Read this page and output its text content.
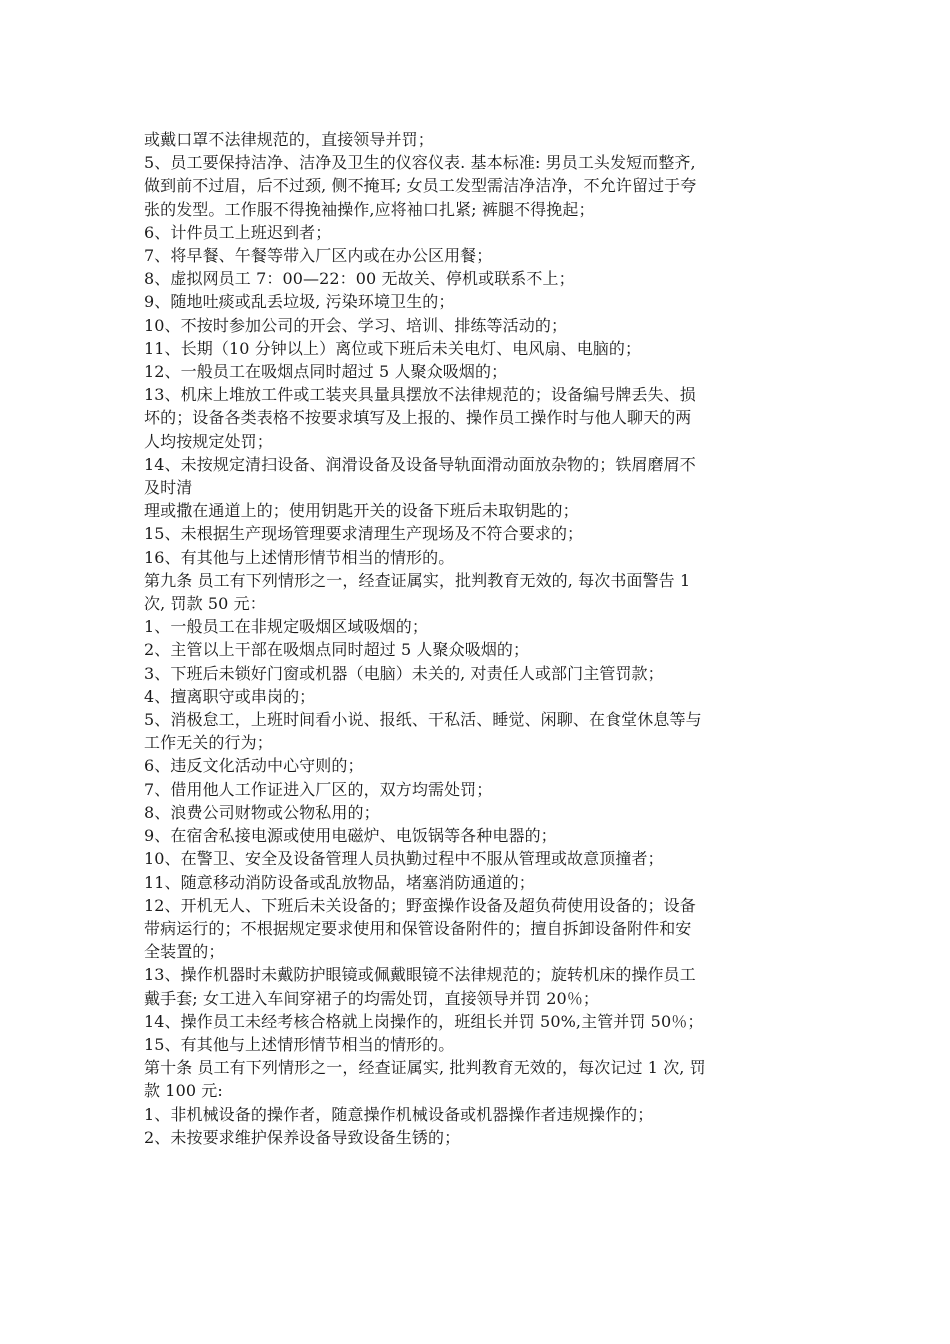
或戴口罩不法律规范的，直接领导并罚；
5、员工要保持洁净、洁净及卫生的仪容仪表. 基本标准: 男员工头发短而整齐,
做到前不过眉，后不过颈, 侧不掩耳; 女员工发型需洁净洁净，不允许留过于夸
张的发型。工作服不得挽袖操作,应将袖口扎紧; 裤腿不得挽起；
6、计件员工上班迟到者；
7、将早餐、午餐等带入厂区内或在办公区用餐；
8、虚拟网员工 7：00—22：00 无故关、停机或联系不上；
9、随地吐痰或乱丢垃圾, 污染环境卫生的；
10、不按时参加公司的开会、学习、培训、排练等活动的；
11、长期（10 分钟以上）离位或下班后未关电灯、电风扇、电脑的；
12、一般员工在吸烟点同时超过 5 人聚众吸烟的；
13、机床上堆放工件或工装夹具量具摆放不法律规范的；设备编号牌丢失、损
坏的；设备各类表格不按要求填写及上报的、操作员工操作时与他人聊天的两
人均按规定处罚；
14、未按规定清扫设备、润滑设备及设备导轨面滑动面放杂物的；铁屑磨屑不
及时清
理或撒在通道上的；使用钥匙开关的设备下班后未取钥匙的；
15、未根据生产现场管理要求清理生产现场及不符合要求的；
16、有其他与上述情形情节相当的情形的。
第九条 员工有下列情形之一，经查证属实，批判教育无效的, 每次书面警告 1
次, 罚款 50 元：
1、一般员工在非规定吸烟区域吸烟的；
2、主管以上干部在吸烟点同时超过 5 人聚众吸烟的；
3、下班后未锁好门窗或机器（电脑）未关的, 对责任人或部门主管罚款；
4、擅离职守或串岗的；
5、消极怠工，上班时间看小说、报纸、干私活、睡觉、闲聊、在食堂休息等与
工作无关的行为；
6、违反文化活动中心守则的；
7、借用他人工作证进入厂区的，双方均需处罚；
8、浪费公司财物或公物私用的；
9、在宿舍私接电源或使用电磁炉、电饭锅等各种电器的；
10、在警卫、安全及设备管理人员执勤过程中不服从管理或故意顶撞者；
11、随意移动消防设备或乱放物品，堵塞消防通道的；
12、开机无人、下班后未关设备的；野蛮操作设备及超负荷使用设备的；设备
带病运行的；不根据规定要求使用和保管设备附件的；擅自拆卸设备附件和安
全装置的；
13、操作机器时未戴防护眼镜或佩戴眼镜不法律规范的；旋转机床的操作员工
戴手套; 女工进入车间穿裙子的均需处罚，直接领导并罚 20％；
14、操作员工未经考核合格就上岗操作的，班组长并罚 50%,主管并罚 50％；
15、有其他与上述情形情节相当的情形的。
第十条 员工有下列情形之一，经查证属实, 批判教育无效的，每次记过 1 次, 罚
款 100 元:
1、非机械设备的操作者，随意操作机械设备或机器操作者违规操作的；
2、未按要求维护保养设备导致设备生锈的；
